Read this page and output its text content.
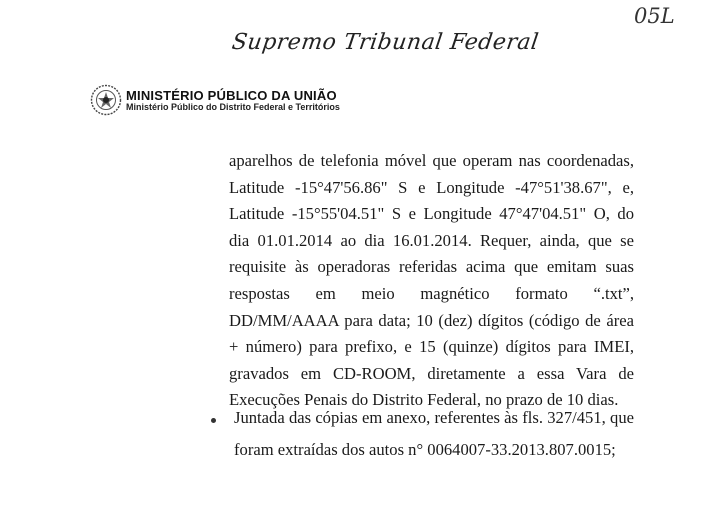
05L
Supremo Tribunal Federal
MINISTÉRIO PÚBLICO DA UNIÃO
Ministério Público do Distrito Federal e Territórios

aparelhos de telefonia móvel que operam nas coordenadas, Latitude -15°47'56.86" S e Longitude -47°51'38.67", e, Latitude -15°55'04.51" S e Longitude 47°47'04.51" O, do dia 01.01.2014 ao dia 16.01.2014. Requer, ainda, que se requisite às operadoras referidas acima que emitam suas respostas em meio magnético formato “.txt”, DD/MM/AAAA para data; 10 (dez) dígitos (código de área + número) para prefixo, e 15 (quinze) dígitos para IMEI, gravados em CD-ROOM, diretamente a essa Vara de Execuções Penais do Distrito Federal, no prazo de 10 dias.

Juntada das cópias em anexo, referentes às fls. 327/451, que foram extraídas dos autos n° 0064007-33.2013.807.0015;
